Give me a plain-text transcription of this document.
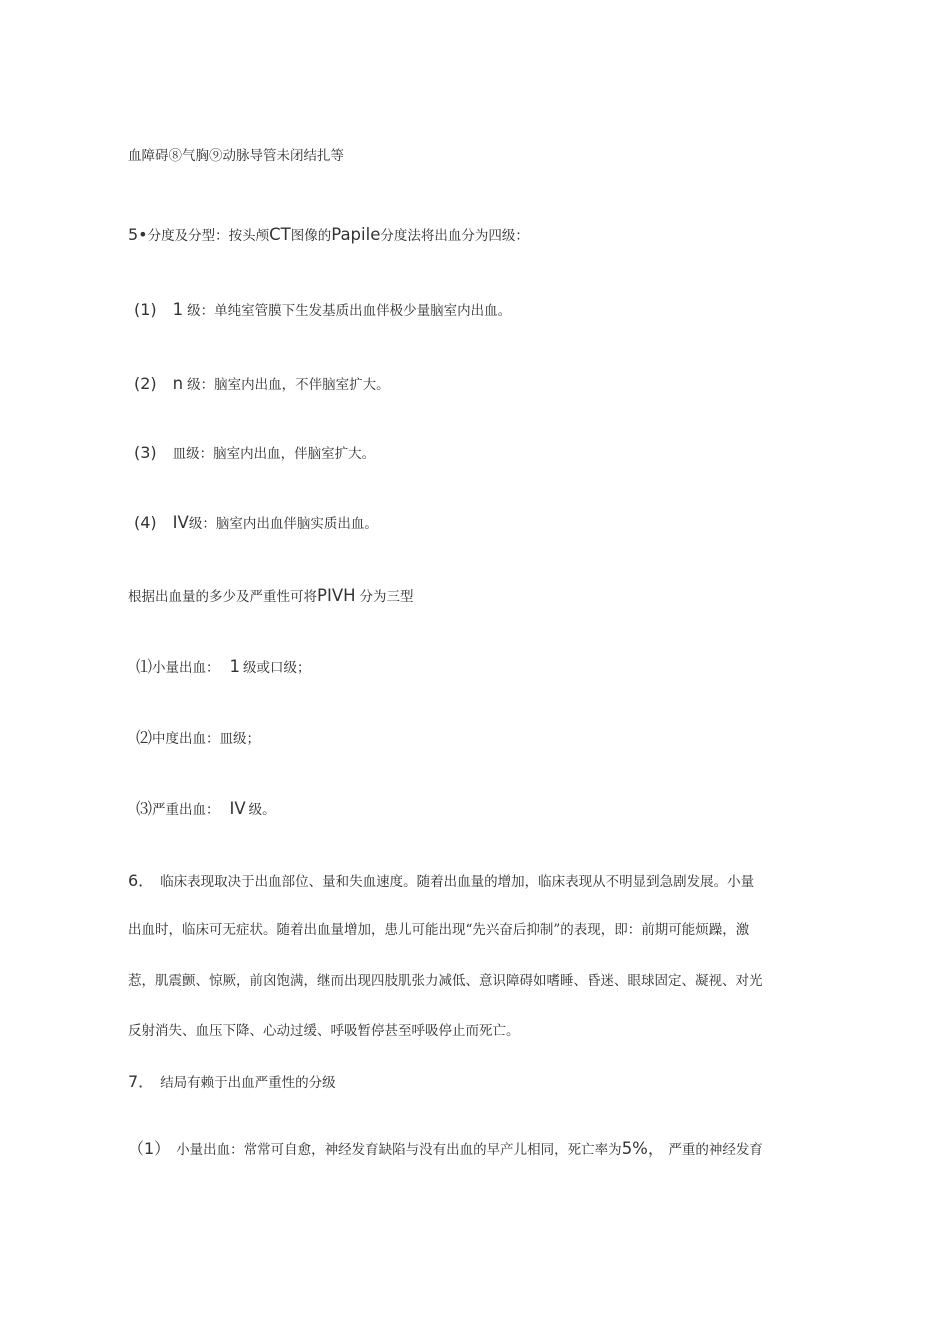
血障碍⑧气胸⑨动脉导管未闭结扎等
5•分度及分型：按头颅CT图像的Papile分度法将出血分为四级：
(1) 1 级：单纯室管膜下生发基质出血伴极少量脑室内出血。
(2) n 级：脑室内出血，不伴脑室扩大。
(3) 皿级：脑室内出血，伴脑室扩大。
(4) IV级：脑室内出血伴脑实质出血。
根据出血量的多少及严重性可将PIVH 分为三型
⑴小量出血： 1 级或口级；
⑵中度出血：皿级；
⑶严重出血： IV 级。
6． 临床表现取决于出血部位、量和失血速度。随着出血量的增加，临床表现从不明显到急剧发展。小量
出血时，临床可无症状。随着出血量增加，患儿可能出现“先兴奋后抑制”的表现，即：前期可能烦躁，激
惹，肌震颤、惊厥，前囟饱满，继而出现四肢肌张力减低、意识障碍如嗜睡、昏迷、眼球固定、凝视、对光
反射消失、血压下降、心动过缓、呼吸暂停甚至呼吸停止而死亡。
7． 结局有赖于出血严重性的分级
（1） 小量出血：常常可自愈，神经发育缺陷与没有出血的早产儿相同，死亡率为5%， 严重的神经发育
